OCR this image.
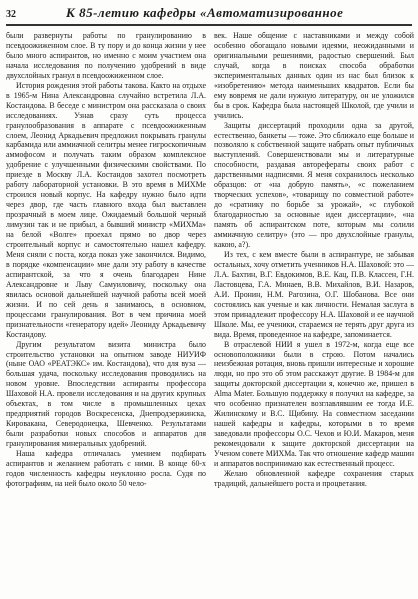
32	К 85-летию кафедры «Автоматизированное

были развернуты работы по гранулированию в псевдоожиженном слое. В ту пору и до конца жизни у нее было много аспирантов, но именно с моим участием она начала исследования по получению удобрений в виде двухслойных гранул в псевдоожиженном слое.

История рождения этой работы такова. Както на отдыхе в 1965-м Нина Александровна случайно встретила Л.А. Костандова. В беседе с министром она рассказала о своих исследованиях. Узнав сразу суть процесса гранулообразования в аппарате с псевдоожиженным слоем, Леонид Аркадьевич предложил покрывать гранулы карбамида или аммиачной селитры менее гигроскопичным аммофосом и получать таким образом комплексное удобрение с улучшенными физическими свойствами. По приезде в Москву Л.А. Костандов захотел посмотреть работу лабораторной установки. В это время в МИХМе строился новый корпус. На кафедру нужно было идти через двор, где часть главного входа был выставлен прозрачный в моем лице. Ожидаемый большой черный лимузин так и не прибыл, а бывший министр «МИХМа» на белой «Волге» проехал прямо во двор через строительный корпус и самостоятельно нашел кафедру. Меня сняли с поста, когда показ уже закончился. Видимо, в порядке «компенсации» мне дали эту работу в качестве аспирантской, за что я очень благодарен Нине Александровне и Льву Самуиловичу, поскольку она явилась основой дальнейшей научной работы всей моей жизни. И по сей день я занимаюсь, в основном, процессами гранулирования. Вот в чем причина моей признательности «генератору идей» Леониду Аркадьевичу Костандову.

Другим результатом визита министра было строительство установки на опытном заводе НИУИФ (ныне ОАО «РЕАТЭКС» им. Костандова), что для вуза — большая удача, поскольку исследования проводились на новом уровне. Впоследствии аспиранты профессора Шаховой Н.А. провели исследования и на других крупных объектах, в том числе в промышленных цехах предприятий городов Воскресенска, Днепродзержинска, Кировакана, Северодонецка, Шевченко. Результатами были разработки новых способов и аппаратов для гранулирования минеральных удобрений.

Наша кафедра отличалась умением подбирать аспирантов и желанием работать с ними. В конце 60-х годов численность кафедры неуклонно росла. Судя по фотографиям, на ней было около 50 чело-

век. Наше общение с наставниками и между собой особенно обогащало новыми идеями, неожиданными и оригинальными решениями, радостью свершений. Был случай, когда в поисках способа обработки экспериментальных данных один из нас был близок к «изобретению» метода наименьших квадратов. Если бы ему вовремя не дали нужную литературу, он не уложился бы в срок. Кафедра была настоящей Школой, где учили и учились.

Защиты диссертаций проходили одна за другой, естественно, банкеты — тоже. Это сближало еще больше и позволяло к собственной защите набрать опыт публичных выступлений. Совершенствовали мы и литературные способности, раздавая авторефераты своих работ с дарственными надписями. Я меня сохранилось несколько образцов: от «на добрую память», «с пожеланием творческих успехов», «товарищу по совместной работе» до «сратнику по борьбе за урожай», «с глубокой благодарностью за основные идеи диссертации», «на память об аспирантском поте, которым мы солили аммиачную селитру» (это — про двухслойные гранулы, какою, а?).

Из тех, с кем вместе были в аспирантуре, не забывая остальных, хочу отметить ученников Н.А. Шаховой: это — Л.А. Бахтин, В.Г. Евдокимов, В.Е. Кац, П.В. Классен, Г.Н. Ластовцева, Г.А. Минаев, В.В. Михайлов, В.И. Назаров, А.И. Пронин, Н.М. Рагозина, О.Г. Шобанова. Все они состоялись как ученые и как личности. Немалая заслуга в этом принадлежит профессору Н.А. Шаховой и ее научной Школе. Мы, ее ученики, стараемся не терять друг друга из вида. Время, проведенное на кафедре, запоминается.

В отраслевой НИИ я ушел в 1972-м, когда еще все основоположники были в строю. Потом начались неизбежная ротация, вновь пришли интересные и хорошие люди, но про это об этом расскажут другие. В 1984-м для защиты докторской диссертации я, конечно же, пришел в Alma Mater. Большую поддержку я получил на кафедре, за что особенно признателен возглавлявшим ее тогда И.Е. Жилинскому и В.С. Щибину. На совместном заседании нашей кафедры и кафедры, которыми в то время заведовали профессоры О.С. Чехов и Ю.И. Макаров, меня рекомендовали к защите докторской диссертации на Ученом совете МИХМа. Так что отношение кафедр машин и аппаратов воспринимаю как естественный процесс.

Желаю обновленной кафедре сохранения старых традиций, дальнейшего роста и процветания.
